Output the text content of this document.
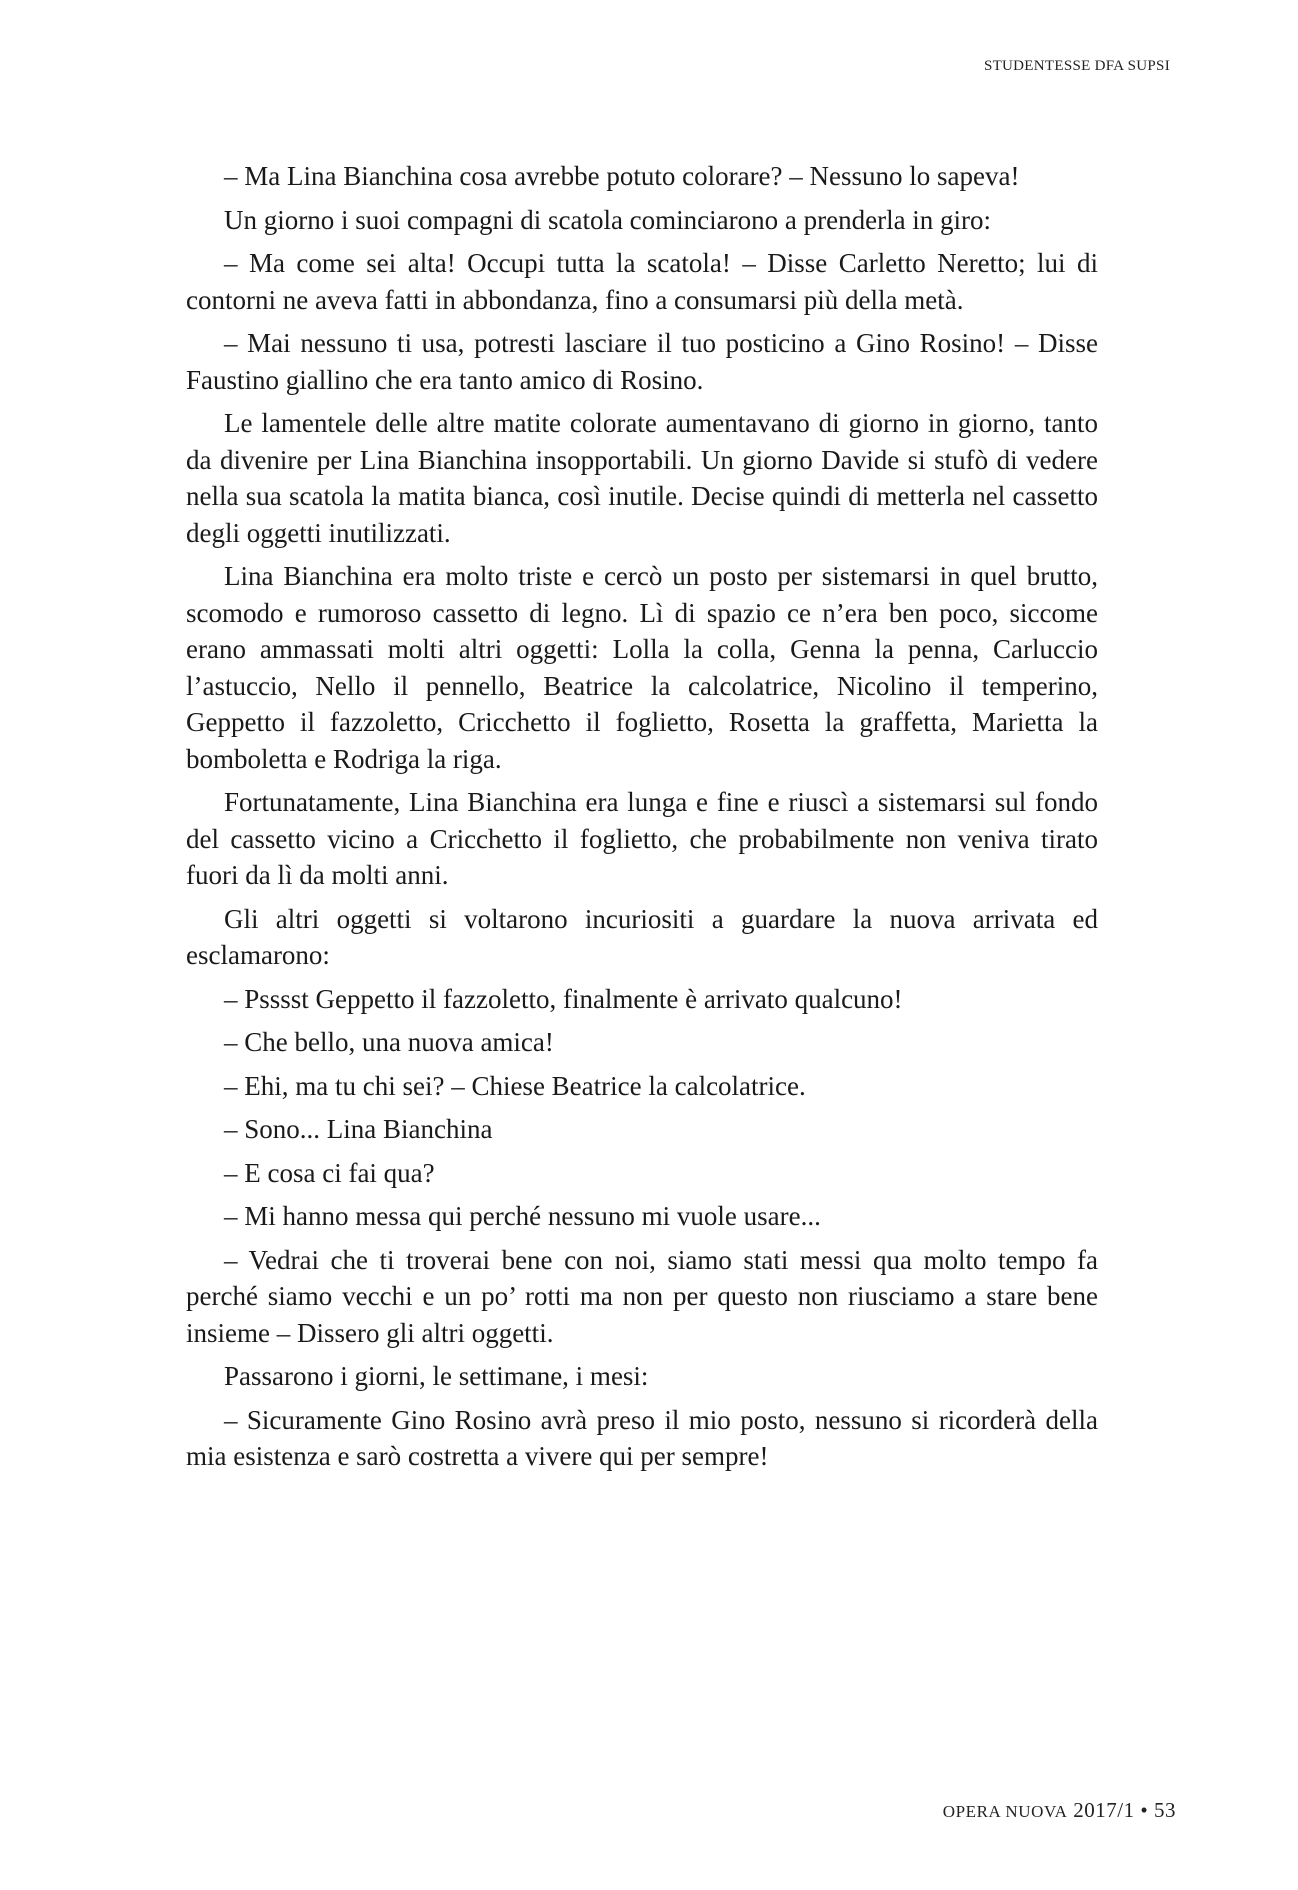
STUDENTESSE DFA SUPSI

– Ma Lina Bianchina cosa avrebbe potuto colorare? – Nessuno lo sapeva!

Un giorno i suoi compagni di scatola cominciarono a prenderla in giro:

– Ma come sei alta! Occupi tutta la scatola! – Disse Carletto Neretto; lui di contorni ne aveva fatti in abbondanza, fino a consumarsi più della metà.

– Mai nessuno ti usa, potresti lasciare il tuo posticino a Gino Rosino! – Disse Faustino giallino che era tanto amico di Rosino.

Le lamentele delle altre matite colorate aumentavano di giorno in giorno, tanto da divenire per Lina Bianchina insopportabili. Un giorno Davide si stufò di vedere nella sua scatola la matita bianca, così inutile. Decise quindi di metterla nel cassetto degli oggetti inutilizzati.

Lina Bianchina era molto triste e cercò un posto per sistemarsi in quel brutto, scomodo e rumoroso cassetto di legno. Lì di spazio ce n’era ben poco, siccome erano ammassati molti altri oggetti: Lolla la colla, Genna la penna, Carluccio l’astuccio, Nello il pennello, Beatrice la calcolatrice, Nicolino il temperino, Geppetto il fazzoletto, Cricchetto il foglietto, Rosetta la graffetta, Marietta la bomboletta e Rodriga la riga.

Fortunatamente, Lina Bianchina era lunga e fine e riuscì a sistemarsi sul fondo del cassetto vicino a Cricchetto il foglietto, che probabilmente non veniva tirato fuori da lì da molti anni.

Gli altri oggetti si voltarono incuriositi a guardare la nuova arrivata ed esclamarono:

– Psssst Geppetto il fazzoletto, finalmente è arrivato qualcuno!

– Che bello, una nuova amica!

– Ehi, ma tu chi sei? – Chiese Beatrice la calcolatrice.

– Sono... Lina Bianchina

– E cosa ci fai qua?

– Mi hanno messa qui perché nessuno mi vuole usare...

– Vedrai che ti troverai bene con noi, siamo stati messi qua molto tempo fa perché siamo vecchi e un po’ rotti ma non per questo non riusciamo a stare bene insieme – Dissero gli altri oggetti.

Passarono i giorni, le settimane, i mesi:

– Sicuramente Gino Rosino avrà preso il mio posto, nessuno si ricorderà della mia esistenza e sarò costretta a vivere qui per sempre!

OPERA NUOVA 2017/1 • 53
